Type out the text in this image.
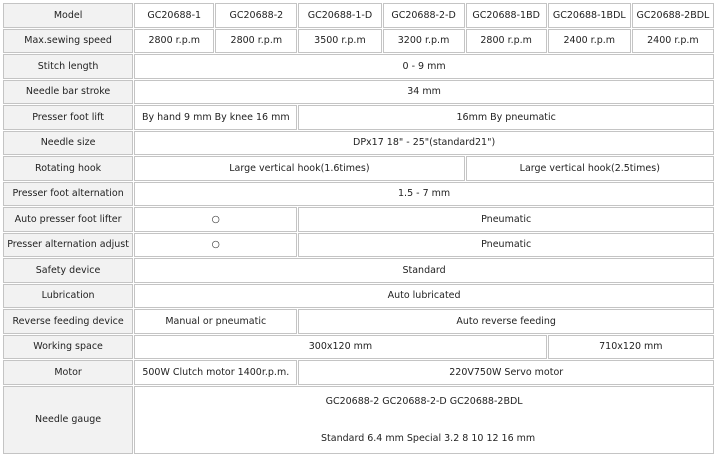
Model	GC20688-1	GC20688-2	GC20688-1-D	GC20688-2-D	GC20688-1BD	GC20688-1BDL	GC20688-2BDL
Max.sewing speed	2800 r.p.m	2800 r.p.m	3500 r.p.m	3200 r.p.m	2800 r.p.m	2400 r.p.m	2400 r.p.m
Stitch length	0 - 9 mm						
Needle bar stroke	34 mm						
Presser foot lift	By hand 9 mm By knee 16 mm		16mm By pneumatic				
Needle size	DPx17 18" - 25"(standard21")						
Rotating hook	Large vertical hook(1.6times)				Large vertical hook(2.5times)		
Presser foot alternation	1.5 - 7 mm						
Auto presser foot lifter	○		Pneumatic				
Presser alternation adjust	○		Pneumatic				
Safety device	Standard						
Lubrication	Auto lubricated						
Reverse feeding device	Manual or pneumatic		Auto reverse feeding				
Working space	300x120 mm					710x120 mm	
Motor	500W Clutch motor 1400r.p.m.		220V750W Servo motor				
Needle gauge	GC20688-2 GC20688-2-D GC20688-2BDL
Standard 6.4 mm Special 3.2 8 10 12 16 mm						
